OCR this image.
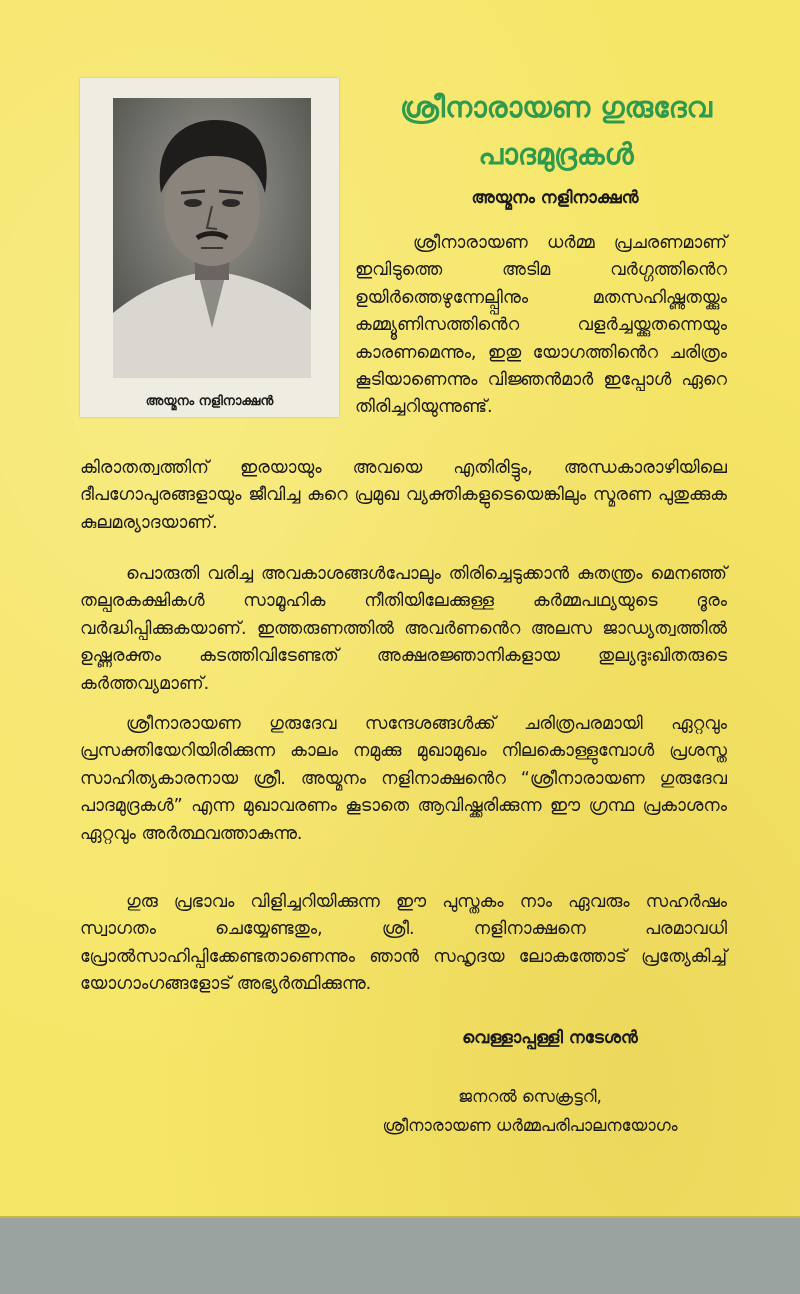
അയ്മനം നളിനാക്ഷൻ
ശ്രീനാരായണ ഗുരുദേവ
പാദമുദ്രകൾ
അയ്മനം നളിനാക്ഷൻ
ശ്രീനാരായണ ധർമ്മ പ്രചരണമാണ് ഇവിടുത്തെ അടിമ വർഗ്ഗത്തിൻെറ ഉയിർത്തെഴുന്നേല്പ്പിനും മതസഹിഷ്ണുതയ്ക്കും കമ്മ്യൂണിസത്തിൻെറ വളർച്ചയ്ക്കുതന്നെയും കാരണമെന്നും, ഇതു യോഗത്തിൻെറ ചരിത്രം കൂടിയാണെന്നും വിജ്ഞൻമാർ ഇപ്പോൾ ഏറെ തിരിച്ചറിയുന്നുണ്ട്.
കിരാതത്വത്തിന് ഇരയായും അവയെ എതിരിട്ടും, അന്ധകാരാഴിയിലെ ദീപഗോപുരങ്ങളായും ജീവിച്ച കുറെ പ്രമുഖ വ്യക്തികളുടെയെങ്കിലും സ്മരണ പുതുക്കുക കുലമര്യാദയാണ്.
പൊരുതി വരിച്ച അവകാശങ്ങൾപോലും തിരിച്ചെടുക്കാൻ കുതന്ത്രം മെനഞ്ഞ് തല്പരകക്ഷികൾ സാമൂഹിക നീതിയിലേക്കുള്ള കർമ്മപഥ്യയുടെ ദൂരം വർദ്ധിപ്പിക്കുകയാണ്. ഇത്തരുണത്തിൽ അവർണൻെറ അലസ ജാഡ്യത്വത്തിൽ ഉഷ്ണരക്തം കടത്തിവിടേണ്ടത് അക്ഷരജ്ഞാനികളായ തുല്യദുഃഖിതരുടെ കർത്തവ്യമാണ്.
ശ്രീനാരായണ ഗുരുദേവ സന്ദേശങ്ങൾക്ക് ചരിത്രപരമായി ഏറ്റവും പ്രസക്തിയേറിയിരിക്കുന്ന കാലം നമുക്കു മുഖാമുഖം നിലകൊള്ളുമ്പോൾ പ്രശസ്ത സാഹിത്യകാരനായ ശ്രീ. അയ്മനം നളിനാക്ഷൻെറ “ശ്രീനാരായണ ഗുരുദേവ പാദമുദ്രകൾ” എന്ന മുഖാവരണം കൂടാതെ ആവിഷ്ക്കരിക്കുന്ന ഈ ഗ്രന്ഥ പ്രകാശനം ഏറ്റവും അർത്ഥവത്താകുന്നു.
ഗുരു പ്രഭാവം വിളിച്ചറിയിക്കുന്ന ഈ പുസ്തകം നാം ഏവരും സഹർഷം സ്വാഗതം ചെയ്യേണ്ടതും, ശ്രീ. നളിനാക്ഷനെ പരമാവധി പ്രോൽസാഹിപ്പിക്കേണ്ടതാണെന്നും ഞാൻ സഹൃദയ ലോകത്തോട് പ്രത്യേകിച്ച് യോഗാംഗങ്ങളോട് അഭ്യർത്ഥിക്കുന്നു.
വെള്ളാപ്പള്ളി നടേശൻ
ജനറൽ സെക്രട്ടറി,
ശ്രീനാരായണ ധർമ്മപരിപാലനയോഗം
